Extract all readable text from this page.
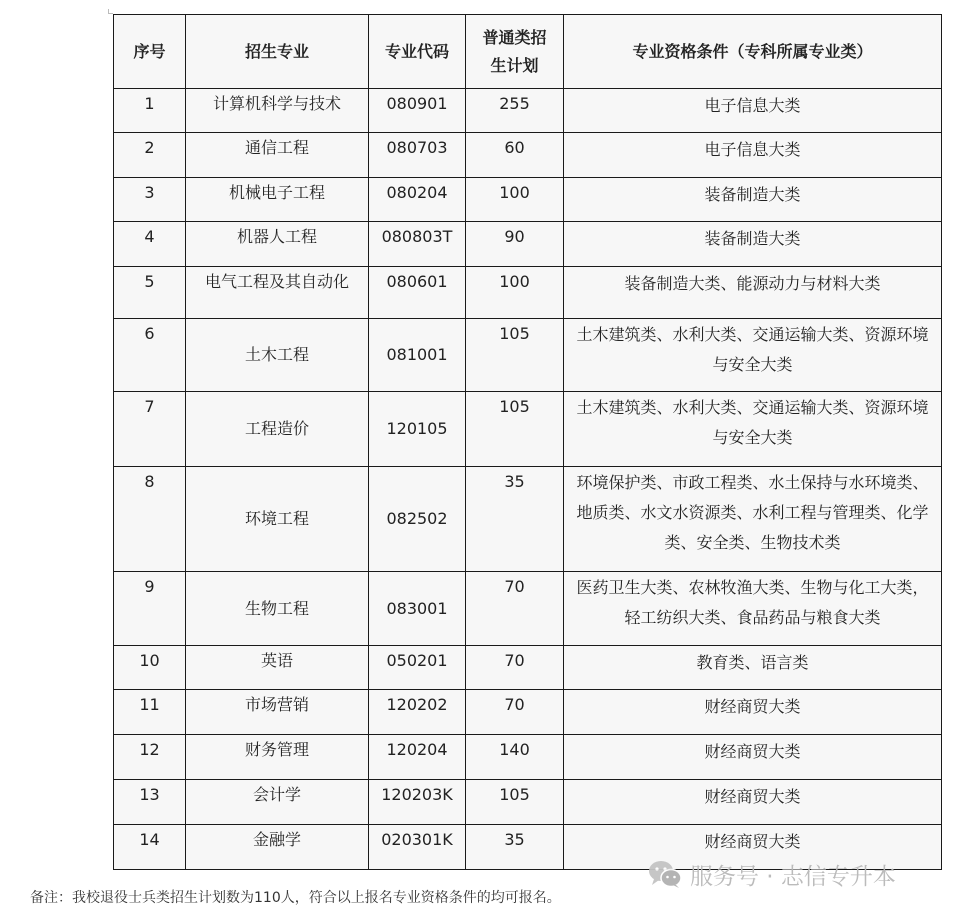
序号	招生专业	专业代码	普通类招生计划	专业资格条件（专科所属专业类）
1	计算机科学与技术	080901	255	电子信息大类
2	通信工程	080703	60	电子信息大类
3	机械电子工程	080204	100	装备制造大类
4	机器人工程	080803T	90	装备制造大类
5	电气工程及其自动化	080601	100	装备制造大类、能源动力与材料大类
6	土木工程	081001	105	土木建筑类、水利大类、交通运输大类、资源环境与安全大类
7	工程造价	120105	105	土木建筑类、水利大类、交通运输大类、资源环境与安全大类
8	环境工程	082502	35	环境保护类、市政工程类、水土保持与水环境类、地质类、水文水资源类、水利工程与管理类、化学类、安全类、生物技术类
9	生物工程	083001	70	医药卫生大类、农林牧渔大类、生物与化工大类，轻工纺织大类、食品药品与粮食大类
10	英语	050201	70	教育类、语言类
11	市场营销	120202	70	财经商贸大类
12	财务管理	120204	140	财经商贸大类
13	会计学	120203K	105	财经商贸大类
14	金融学	020301K	35	财经商贸大类
服务号 · 志信专升本
备注：我校退役士兵类招生计划数为110人，符合以上报名专业资格条件的均可报名。
